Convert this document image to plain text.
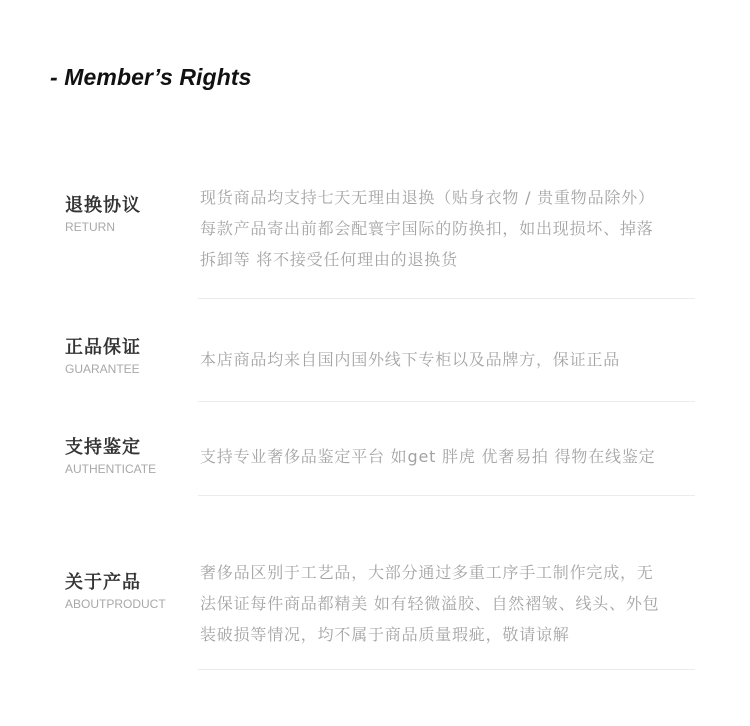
- Member’s Rights
退换协议
RETURN
现货商品均支持七天无理由退换（贴身衣物 / 贵重物品除外）
每款产品寄出前都会配寰宇国际的防换扣，如出现损坏、掉落
拆卸等 将不接受任何理由的退换货
正品保证
GUARANTEE	本店商品均来自国内国外线下专柜以及品牌方，保证正品
支持鉴定
AUTHENTICATE
支持专业奢侈品鉴定平台 如get 胖虎 优奢易拍 得物在线鉴定
关于产品
ABOUTPRODUCT
奢侈品区别于工艺品，大部分通过多重工序手工制作完成，无
法保证每件商品都精美 如有轻微溢胶、自然褶皱、线头、外包
装破损等情况，均不属于商品质量瑕疵，敬请谅解
